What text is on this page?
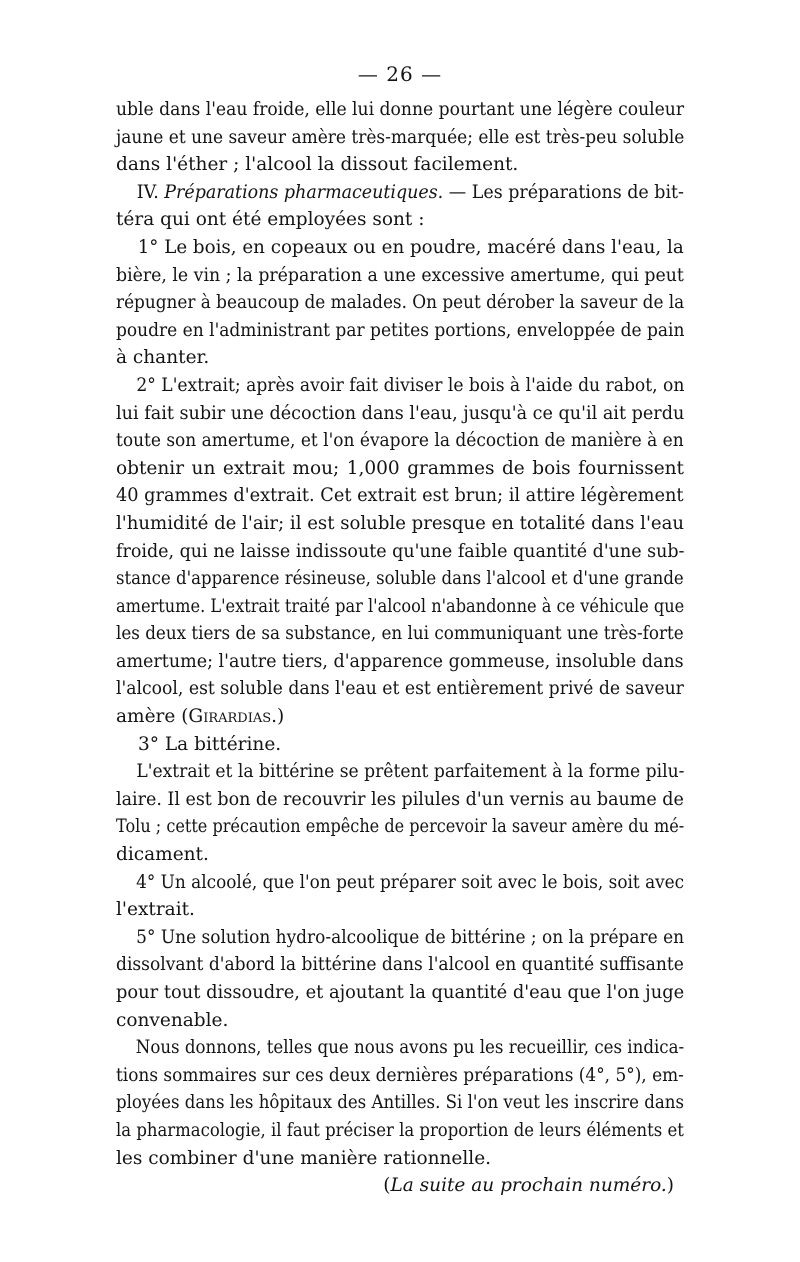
— 26 —
uble dans l'eau froide, elle lui donne pourtant une légère couleur
jaune et une saveur amère très-marquée; elle est très-peu soluble
dans l'éther ; l'alcool la dissout facilement.
IV. Préparations pharmaceutiques. — Les préparations de bit-
téra qui ont été employées sont :
1° Le bois, en copeaux ou en poudre, macéré dans l'eau, la
bière, le vin ; la préparation a une excessive amertume, qui peut
répugner à beaucoup de malades. On peut dérober la saveur de la
poudre en l'administrant par petites portions, enveloppée de pain
à chanter.
2° L'extrait; après avoir fait diviser le bois à l'aide du rabot, on
lui fait subir une décoction dans l'eau, jusqu'à ce qu'il ait perdu
toute son amertume, et l'on évapore la décoction de manière à en
obtenir un extrait mou; 1,000 grammes de bois fournissent
40 grammes d'extrait. Cet extrait est brun; il attire légèrement
l'humidité de l'air; il est soluble presque en totalité dans l'eau
froide, qui ne laisse indissoute qu'une faible quantité d'une sub-
stance d'apparence résineuse, soluble dans l'alcool et d'une grande
amertume. L'extrait traité par l'alcool n'abandonne à ce véhicule que
les deux tiers de sa substance, en lui communiquant une très-forte
amertume; l'autre tiers, d'apparence gommeuse, insoluble dans
l'alcool, est soluble dans l'eau et est entièrement privé de saveur
amère (Girardias.)
3° La bittérine.
L'extrait et la bittérine se prêtent parfaitement à la forme pilu-
laire. Il est bon de recouvrir les pilules d'un vernis au baume de
Tolu ; cette précaution empêche de percevoir la saveur amère du mé-
dicament.
4° Un alcoolé, que l'on peut préparer soit avec le bois, soit avec
l'extrait.
5° Une solution hydro-alcoolique de bittérine ; on la prépare en
dissolvant d'abord la bittérine dans l'alcool en quantité suffisante
pour tout dissoudre, et ajoutant la quantité d'eau que l'on juge
convenable.
Nous donnons, telles que nous avons pu les recueillir, ces indica-
tions sommaires sur ces deux dernières préparations (4°, 5°), em-
ployées dans les hôpitaux des Antilles. Si l'on veut les inscrire dans
la pharmacologie, il faut préciser la proportion de leurs éléments et
les combiner d'une manière rationnelle.
(La suite au prochain numéro.)
